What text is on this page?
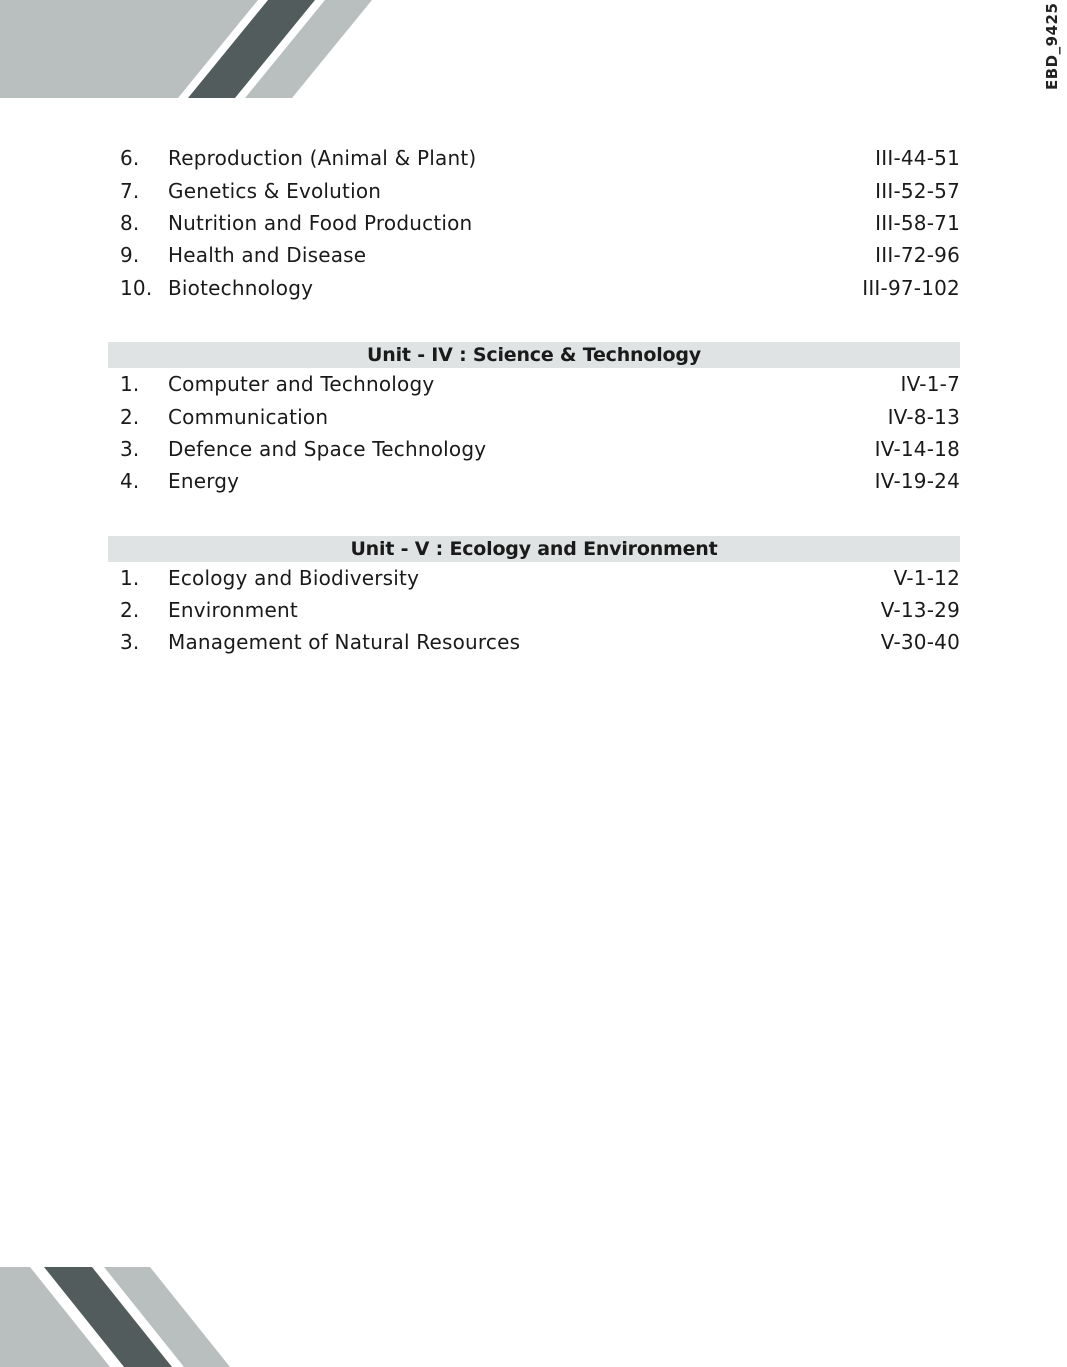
EBD_9425
6.	Reproduction (Animal & Plant)	III-44-51
7.	Genetics & Evolution	III-52-57
8.	Nutrition and Food Production	III-58-71
9.	Health and Disease	III-72-96
10. Biotechnology	III-97-102
Unit - IV : Science & Technology
1.	Computer and Technology	IV-1-7
2.	Communication	IV-8-13
3.	Defence and Space Technology	IV-14-18
4.	Energy	IV-19-24
Unit - V : Ecology and Environment
1.	Ecology and Biodiversity	V-1-12
2.	Environment	V-13-29
3.	Management of Natural Resources	V-30-40
